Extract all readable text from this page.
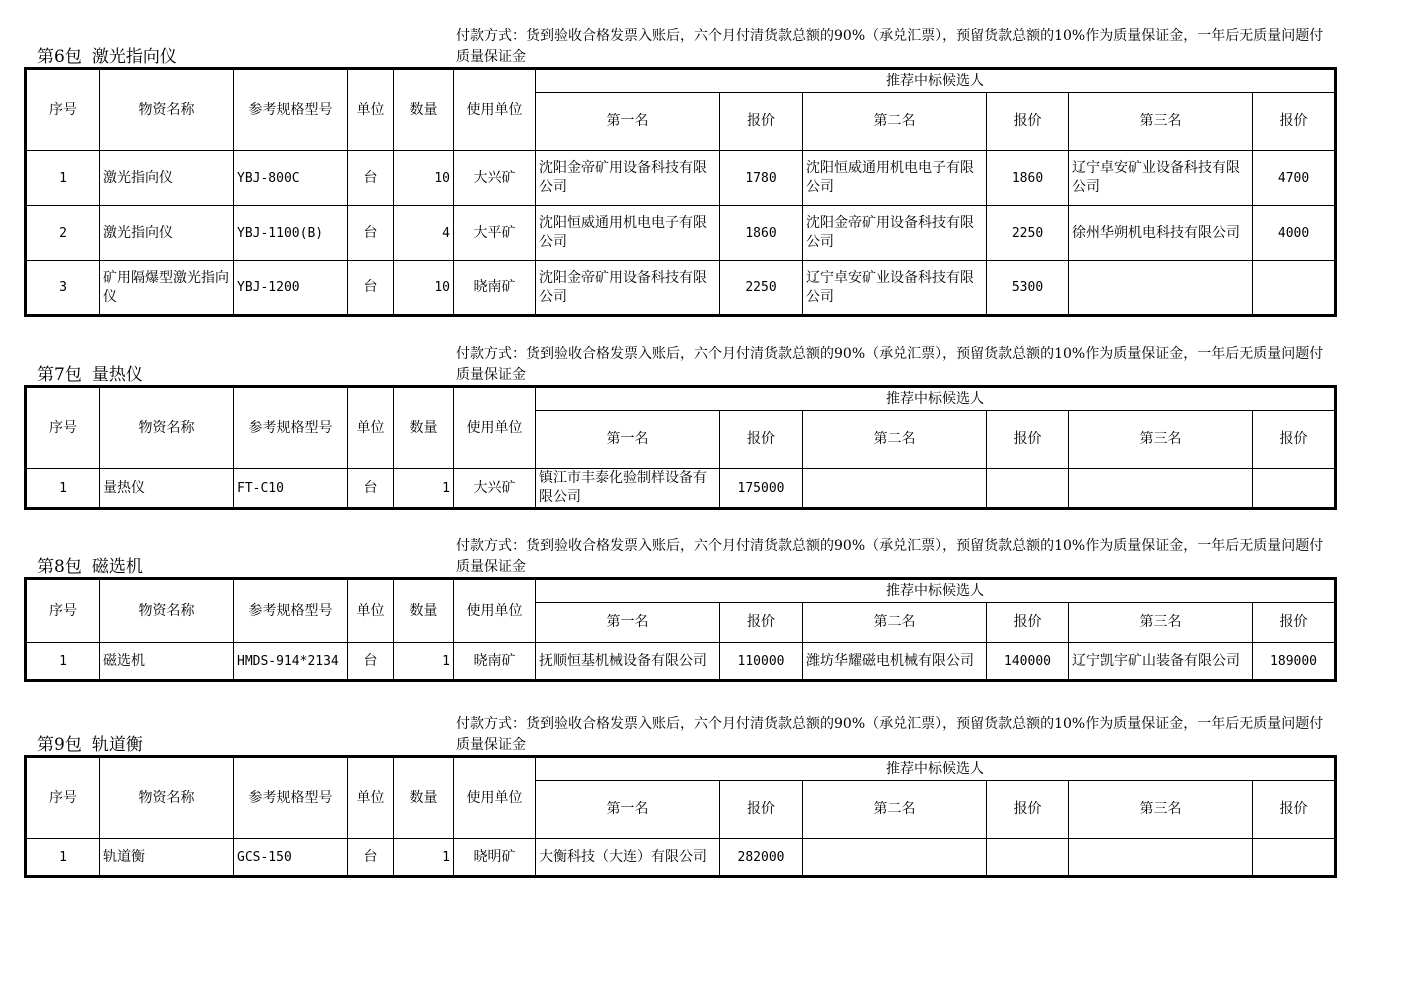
第6包 激光指向仪
付款方式：货到验收合格发票入账后，六个月付清货款总额的90%（承兑汇票），预留货款总额的10%作为质量保证金，一年后无质量问题付质量保证金
序号	物资名称	参考规格型号	单位	数量	使用单位	推荐中标候选人					
						第一名	报价	第二名	报价	第三名	报价
1	激光指向仪	YBJ-800C	台	10	大兴矿	沈阳金帝矿用设备科技有限公司	1780	沈阳恒威通用机电电子有限公司	1860	辽宁卓安矿业设备科技有限公司	4700
2	激光指向仪	YBJ-1100(B)	台	4	大平矿	沈阳恒威通用机电电子有限公司	1860	沈阳金帝矿用设备科技有限公司	2250	徐州华朔机电科技有限公司	4000
3	矿用隔爆型激光指向仪	YBJ-1200	台	10	晓南矿	沈阳金帝矿用设备科技有限公司	2250	辽宁卓安矿业设备科技有限公司	5300		
第7包 量热仪
付款方式：货到验收合格发票入账后，六个月付清货款总额的90%（承兑汇票），预留货款总额的10%作为质量保证金，一年后无质量问题付质量保证金
序号	物资名称	参考规格型号	单位	数量	使用单位	推荐中标候选人					
						第一名	报价	第二名	报价	第三名	报价
1	量热仪	FT-C10	台	1	大兴矿	镇江市丰泰化验制样设备有限公司	175000				
第8包 磁选机
付款方式：货到验收合格发票入账后，六个月付清货款总额的90%（承兑汇票），预留货款总额的10%作为质量保证金，一年后无质量问题付质量保证金
序号	物资名称	参考规格型号	单位	数量	使用单位	推荐中标候选人					
						第一名	报价	第二名	报价	第三名	报价
1	磁选机	HMDS-914*2134	台	1	晓南矿	抚顺恒基机械设备有限公司	110000	潍坊华耀磁电机械有限公司	140000	辽宁凯宇矿山装备有限公司	189000
第9包 轨道衡
付款方式：货到验收合格发票入账后，六个月付清货款总额的90%（承兑汇票），预留货款总额的10%作为质量保证金，一年后无质量问题付质量保证金
序号	物资名称	参考规格型号	单位	数量	使用单位	推荐中标候选人					
						第一名	报价	第二名	报价	第三名	报价
1	轨道衡	GCS-150	台	1	晓明矿	大衡科技（大连）有限公司	282000				
